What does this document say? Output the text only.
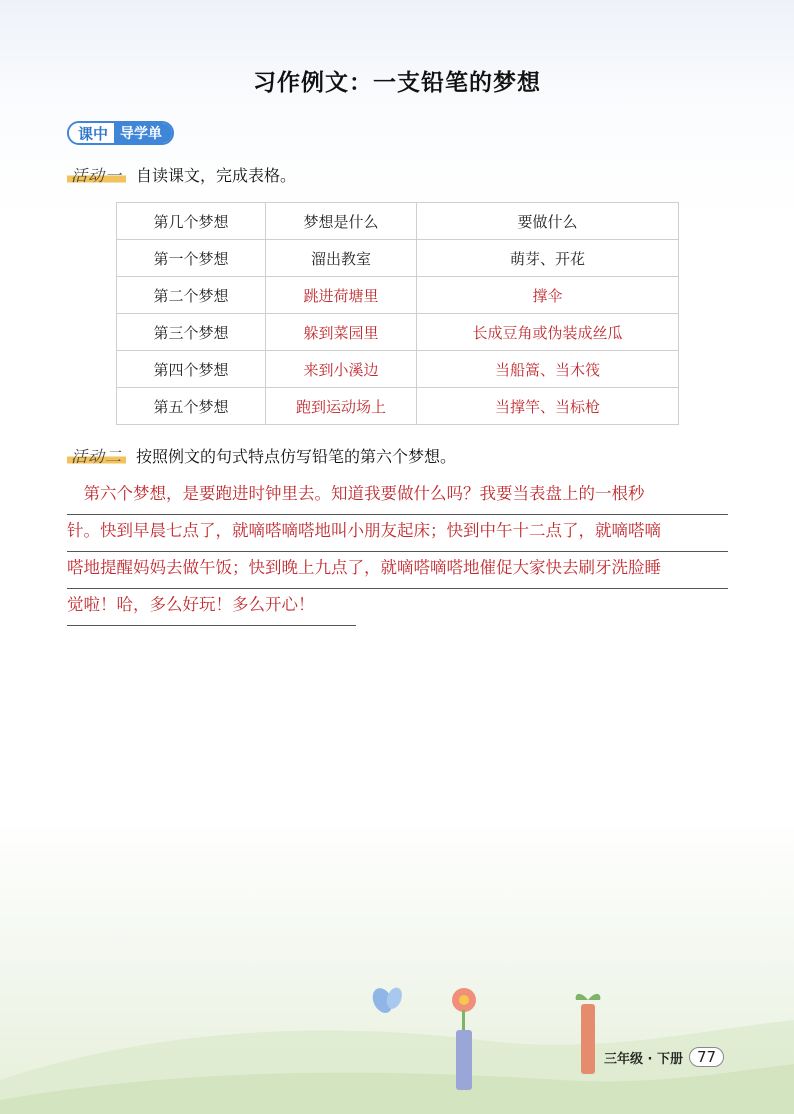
习作例文：一支铅笔的梦想
课中 导学单
活动一 自读课文，完成表格。
第几个梦想	梦想是什么	要做什么
第一个梦想	溜出教室	萌芽、开花
第二个梦想	跳进荷塘里	撑伞
第三个梦想	躲到菜园里	长成豆角或伪装成丝瓜
第四个梦想	来到小溪边	当船篙、当木筏
第五个梦想	跑到运动场上	当撑竿、当标枪
活动二 按照例文的句式特点仿写铅笔的第六个梦想。
　第六个梦想，是要跑进时钟里去。知道我要做什么吗？我要当表盘上的一根秒
针。快到早晨七点了，就嘀嗒嘀嗒地叫小朋友起床；快到中午十二点了，就嘀嗒嘀
嗒地提醒妈妈去做午饭；快到晚上九点了，就嘀嗒嘀嗒地催促大家快去刷牙洗脸睡
觉啦！哈，多么好玩！多么开心！
三年级 · 下册 77
